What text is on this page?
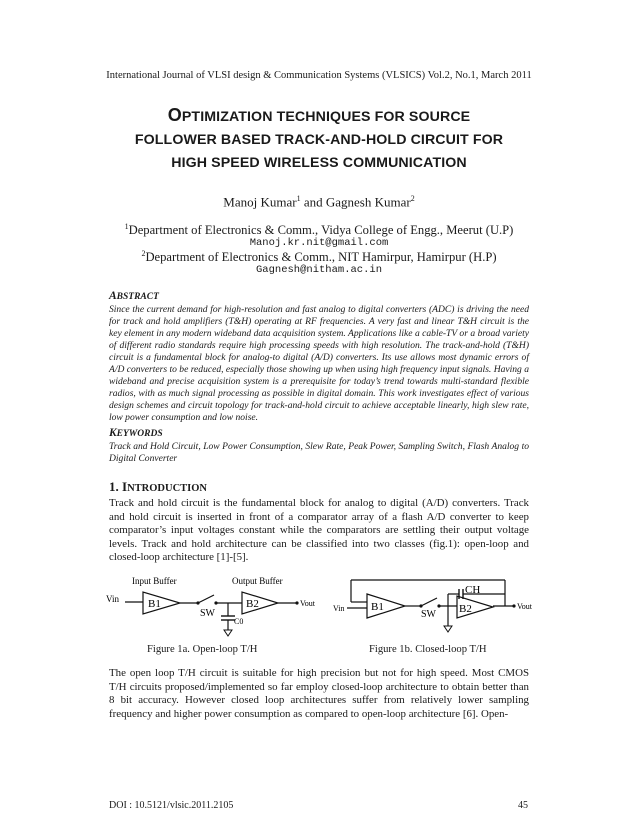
International Journal of VLSI design & Communication Systems (VLSICS) Vol.2, No.1, March 2011
OPTIMIZATION TECHNIQUES FOR SOURCE
FOLLOWER BASED TRACK-AND-HOLD CIRCUIT FOR
HIGH SPEED WIRELESS COMMUNICATION
Manoj Kumar$^1$ and Gagnesh Kumar$^2$
$^1$Department of Electronics & Comm., Vidya College of Engg., Meerut (U.P)
Manoj.kr.nit@gmail.com
$^2$Department of Electronics & Comm., NIT Hamirpur, Hamirpur (H.P)
Gagnesh@nitham.ac.in
ABSTRACT
Since the current demand for high-resolution and fast analog to digital converters (ADC) is driving the need for track and hold amplifiers (T&H) operating at RF frequencies. A very fast and linear T&H circuit is the key element in any modern wideband data acquisition system. Applications like a cable-TV or a broad variety of different radio standards require high processing speeds with high resolution. The track-and-hold (T&H) circuit is a fundamental block for analog-to digital (A/D) converters. Its use allows most dynamic errors of A/D converters to be reduced, especially those showing up when using high frequency input signals. Having a wideband and precise acquisition system is a prerequisite for today’s trend towards multi-standard flexible radios, with as much signal processing as possible in digital domain. This work investigates effect of various design schemes and circuit topology for track-and-hold circuit to achieve acceptable linearly, high slew rate, low power consumption and low noise.
KEYWORDS
Track and Hold Circuit, Low Power Consumption, Slew Rate, Peak Power, Sampling Switch, Flash Analog to Digital Converter
1. INTRODUCTION
Track and hold circuit is the fundamental block for analog to digital (A/D) converters. Track and hold circuit is inserted in front of a comparator array of a flash A/D converter to keep comparator’s input voltages constant while the comparators are settling their output voltage levels. Track and hold architecture can be classified into two classes (fig.1): open-loop and closed-loop architecture [1]-[5].
Input Buffer	Output Buffer
Vin	B1
SW
C0
B2	Vout
Vin B1
SW
CH
B2	Vout
Figure 1a. Open-loop T/H	Figure 1b. Closed-loop T/H
The open loop T/H circuit is suitable for high precision but not for high speed. Most CMOS T/H circuits proposed/implemented so far employ closed-loop architecture to obtain better than 8 bit accuracy. However closed loop architectures suffer from relatively lower sampling frequency and higher power consumption as compared to open-loop architecture [6]. Open-
DOI : 10.5121/vlsic.2011.2105	45
